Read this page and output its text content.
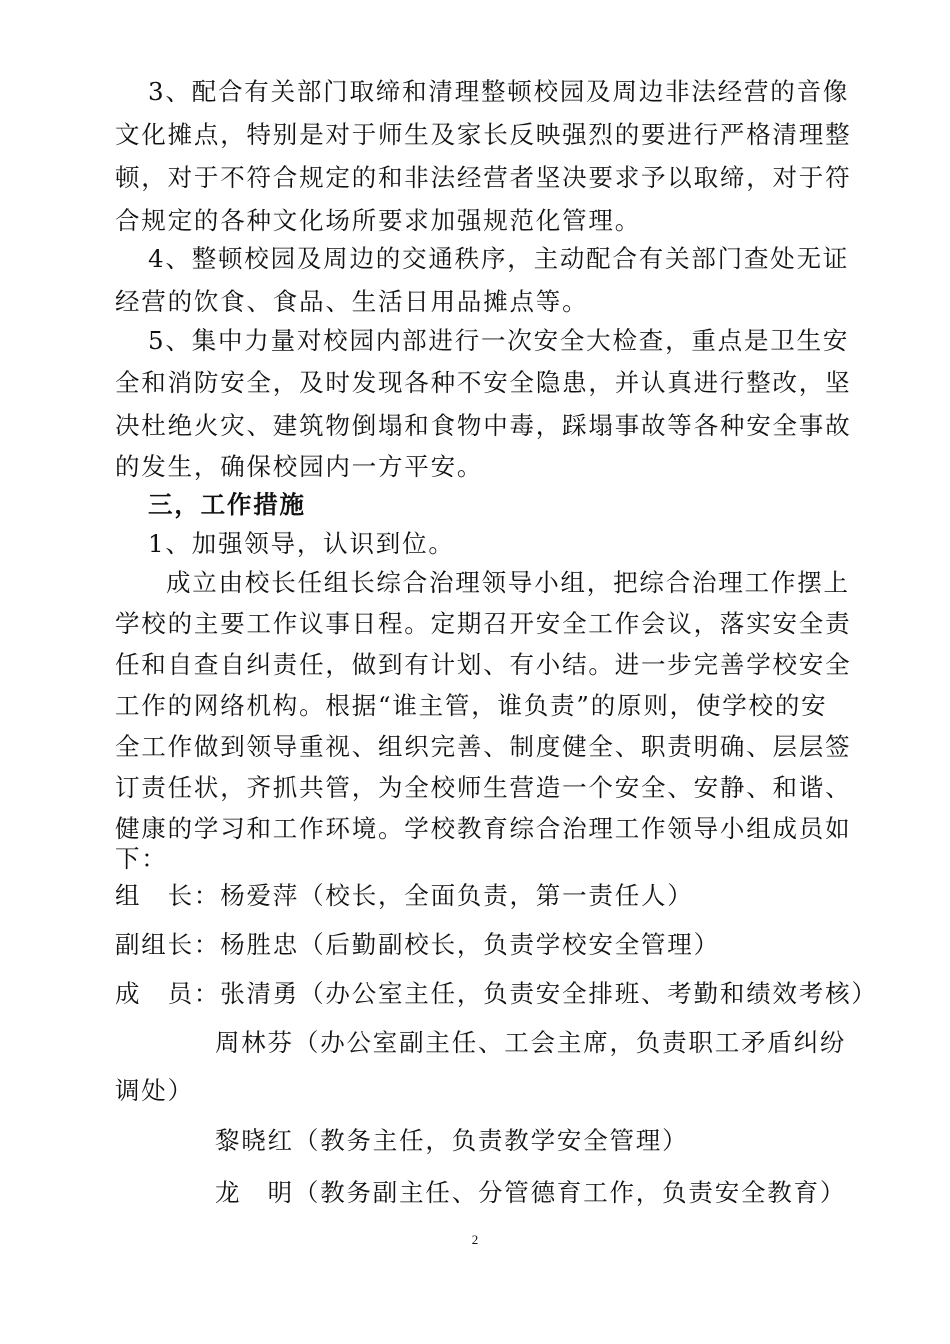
3、配合有关部门取缔和清理整顿校园及周边非法经营的音像
文化摊点，特别是对于师生及家长反映强烈的要进行严格清理整
顿，对于不符合规定的和非法经营者坚决要求予以取缔，对于符
合规定的各种文化场所要求加强规范化管理。
4、整顿校园及周边的交通秩序，主动配合有关部门查处无证
经营的饮食、食品、生活日用品摊点等。
5、集中力量对校园内部进行一次安全大检查，重点是卫生安
全和消防安全，及时发现各种不安全隐患，并认真进行整改，坚
决杜绝火灾、建筑物倒塌和食物中毒，踩塌事故等各种安全事故
的发生，确保校园内一方平安。
三，工作措施
1、加强领导，认识到位。
成立由校长任组长综合治理领导小组，把综合治理工作摆上
学校的主要工作议事日程。定期召开安全工作会议，落实安全责
任和自查自纠责任，做到有计划、有小结。进一步完善学校安全
工作的网络机构。根据“谁主管，谁负责”的原则，使学校的安
全工作做到领导重视、组织完善、制度健全、职责明确、层层签
订责任状，齐抓共管，为全校师生营造一个安全、安静、和谐、
健康的学习和工作环境。学校教育综合治理工作领导小组成员如
下：
组　长：杨爱萍（校长，全面负责，第一责任人）
副组长：杨胜忠（后勤副校长，负责学校安全管理）
成　员：张清勇（办公室主任，负责安全排班、考勤和绩效考核）
周林芬（办公室副主任、工会主席，负责职工矛盾纠纷
调处）
黎晓红（教务主任，负责教学安全管理）
龙　明（教务副主任、分管德育工作，负责安全教育）
2
